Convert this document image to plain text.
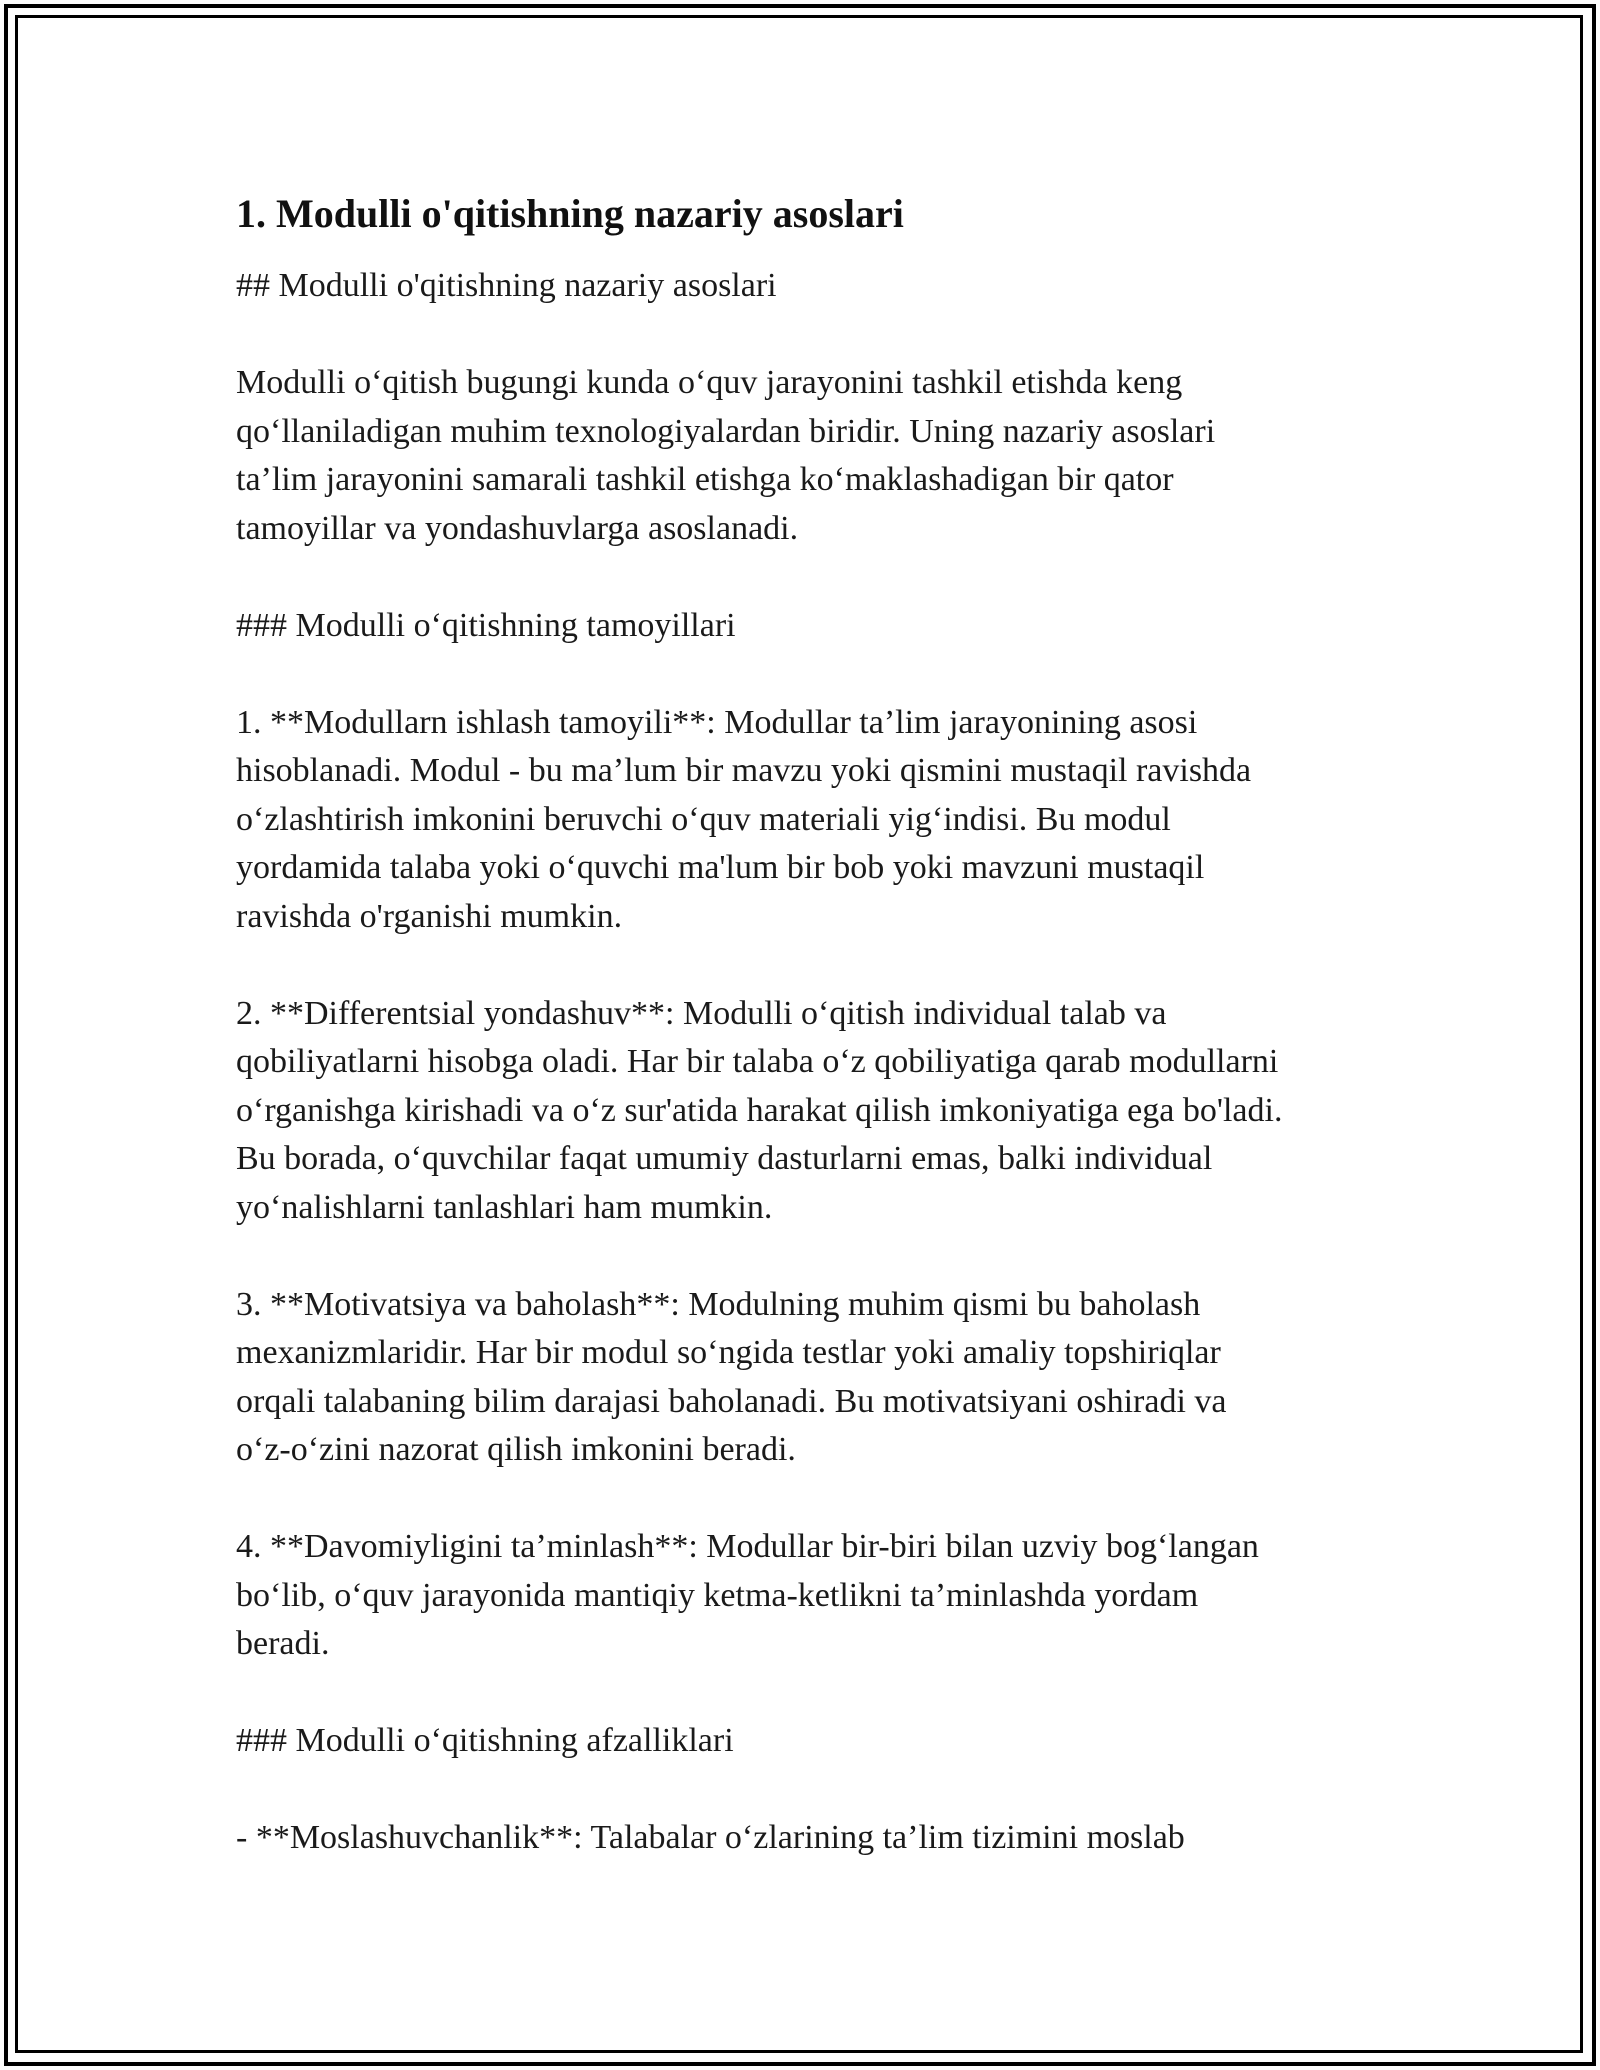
1. Modulli o'qitishning nazariy asoslari

## Modulli o'qitishning nazariy asoslari

Modulli o‘qitish bugungi kunda o‘quv jarayonini tashkil etishda keng
qo‘llaniladigan muhim texnologiyalardan biridir. Uning nazariy asoslari
ta’lim jarayonini samarali tashkil etishga ko‘maklashadigan bir qator
tamoyillar va yondashuvlarga asoslanadi.

### Modulli o‘qitishning tamoyillari

1. **Modullarn ishlash tamoyili**: Modullar ta’lim jarayonining asosi
hisoblanadi. Modul - bu ma’lum bir mavzu yoki qismini mustaqil ravishda
o‘zlashtirish imkonini beruvchi o‘quv materiali yig‘indisi. Bu modul
yordamida talaba yoki o‘quvchi ma'lum bir bob yoki mavzuni mustaqil
ravishda o'rganishi mumkin.

2. **Differentsial yondashuv**: Modulli o‘qitish individual talab va
qobiliyatlarni hisobga oladi. Har bir talaba o‘z qobiliyatiga qarab modullarni
o‘rganishga kirishadi va o‘z sur'atida harakat qilish imkoniyatiga ega bo'ladi.
Bu borada, o‘quvchilar faqat umumiy dasturlarni emas, balki individual
yo‘nalishlarni tanlashlari ham mumkin.

3. **Motivatsiya va baholash**: Modulning muhim qismi bu baholash
mexanizmlaridir. Har bir modul so‘ngida testlar yoki amaliy topshiriqlar
orqali talabaning bilim darajasi baholanadi. Bu motivatsiyani oshiradi va
o‘z-o‘zini nazorat qilish imkonini beradi.

4. **Davomiyligini ta’minlash**: Modullar bir-biri bilan uzviy bog‘langan
bo‘lib, o‘quv jarayonida mantiqiy ketma-ketlikni ta’minlashda yordam
beradi.

### Modulli o‘qitishning afzalliklari

- **Moslashuvchanlik**: Talabalar o‘zlarining ta’lim tizimini moslab
